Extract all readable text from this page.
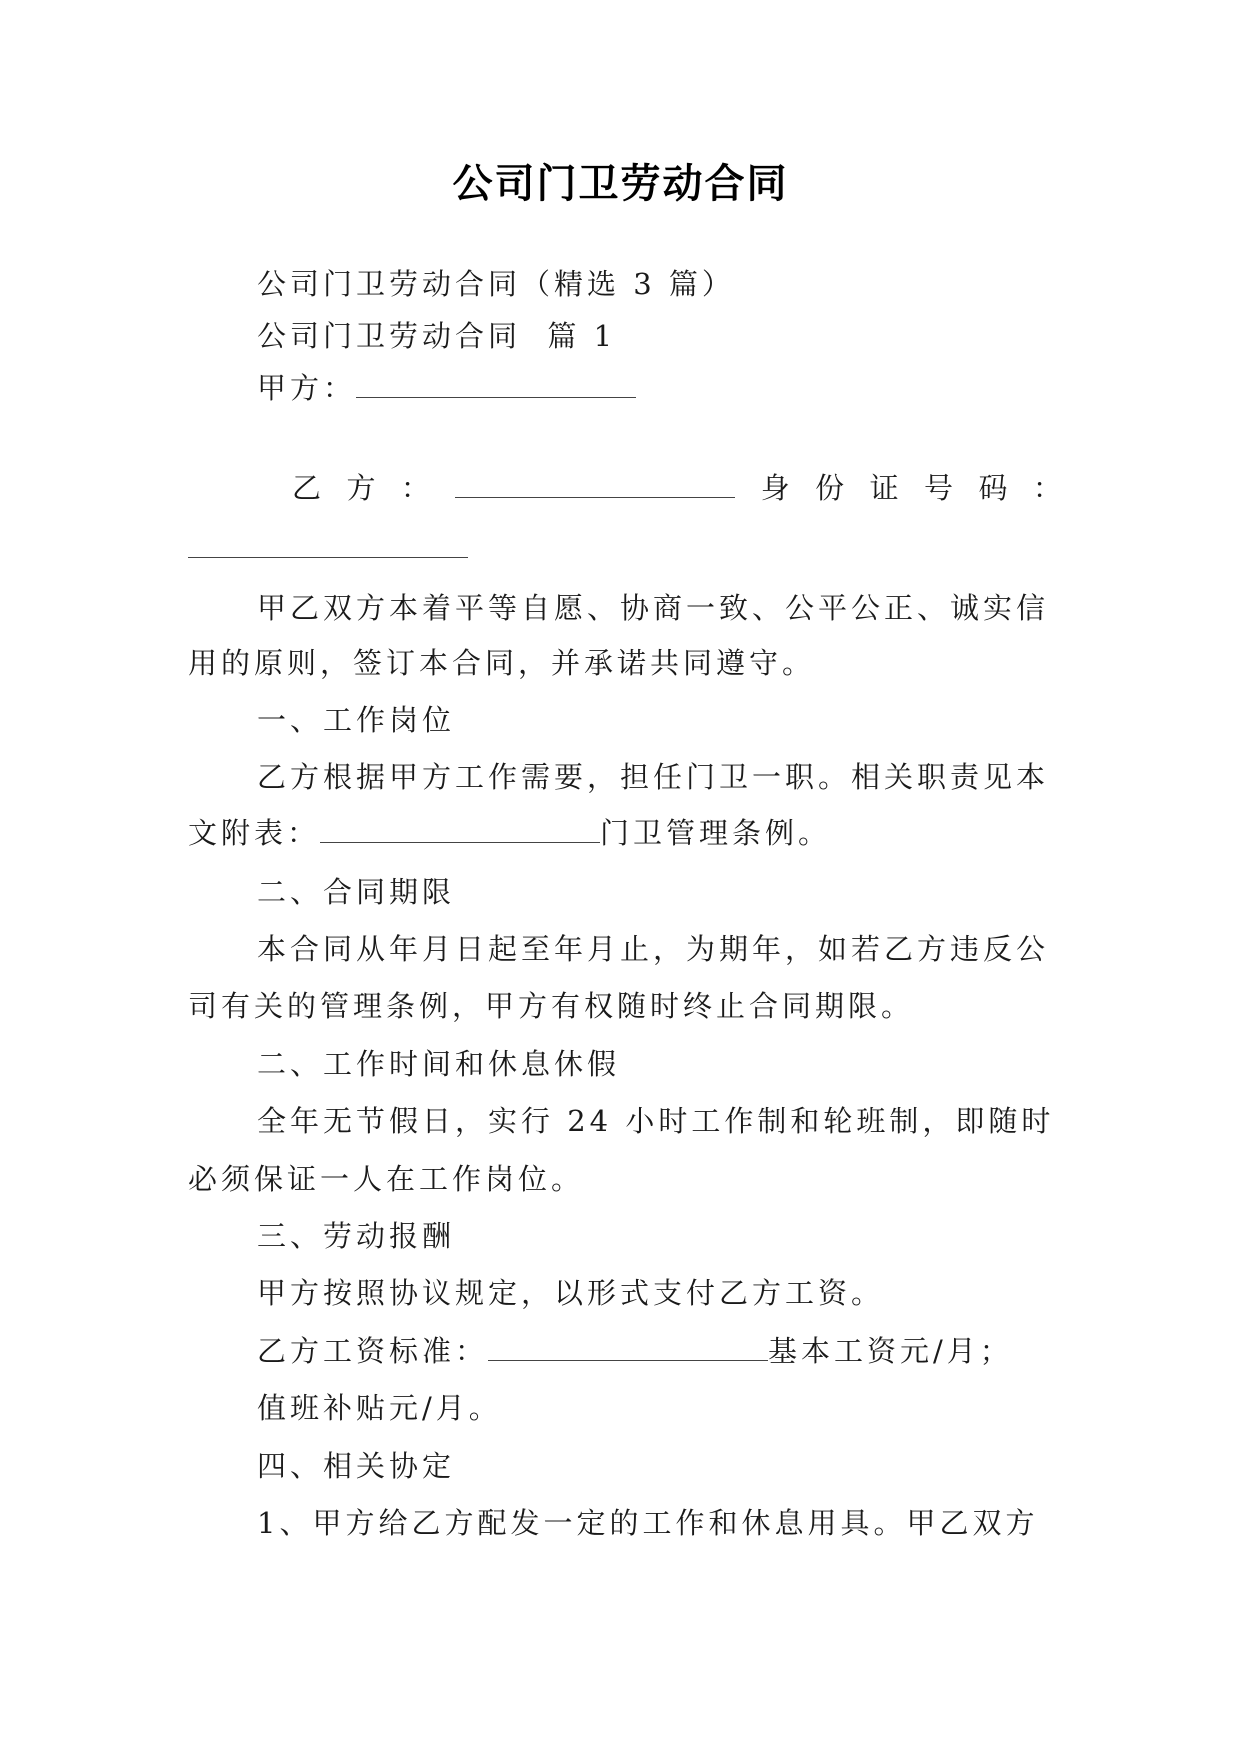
公司门卫劳动合同
公司门卫劳动合同（精选 3 篇）
公司门卫劳动合同  篇 1
甲方：
乙 方 ：	身 份 证 号 码 ：
甲乙双方本着平等自愿、协商一致、公平公正、诚实信
用的原则，签订本合同，并承诺共同遵守。
一、工作岗位
乙方根据甲方工作需要，担任门卫一职。相关职责见本
文附表：	门卫管理条例。
二、合同期限
本合同从年月日起至年月止，为期年，如若乙方违反公
司有关的管理条例，甲方有权随时终止合同期限。
二、工作时间和休息休假
全年无节假日，实行 24 小时工作制和轮班制，即随时
必须保证一人在工作岗位。
三、劳动报酬
甲方按照协议规定，以形式支付乙方工资。
乙方工资标准：	基本工资元/月；
值班补贴元/月。
四、相关协定
1、甲方给乙方配发一定的工作和休息用具。甲乙双方
